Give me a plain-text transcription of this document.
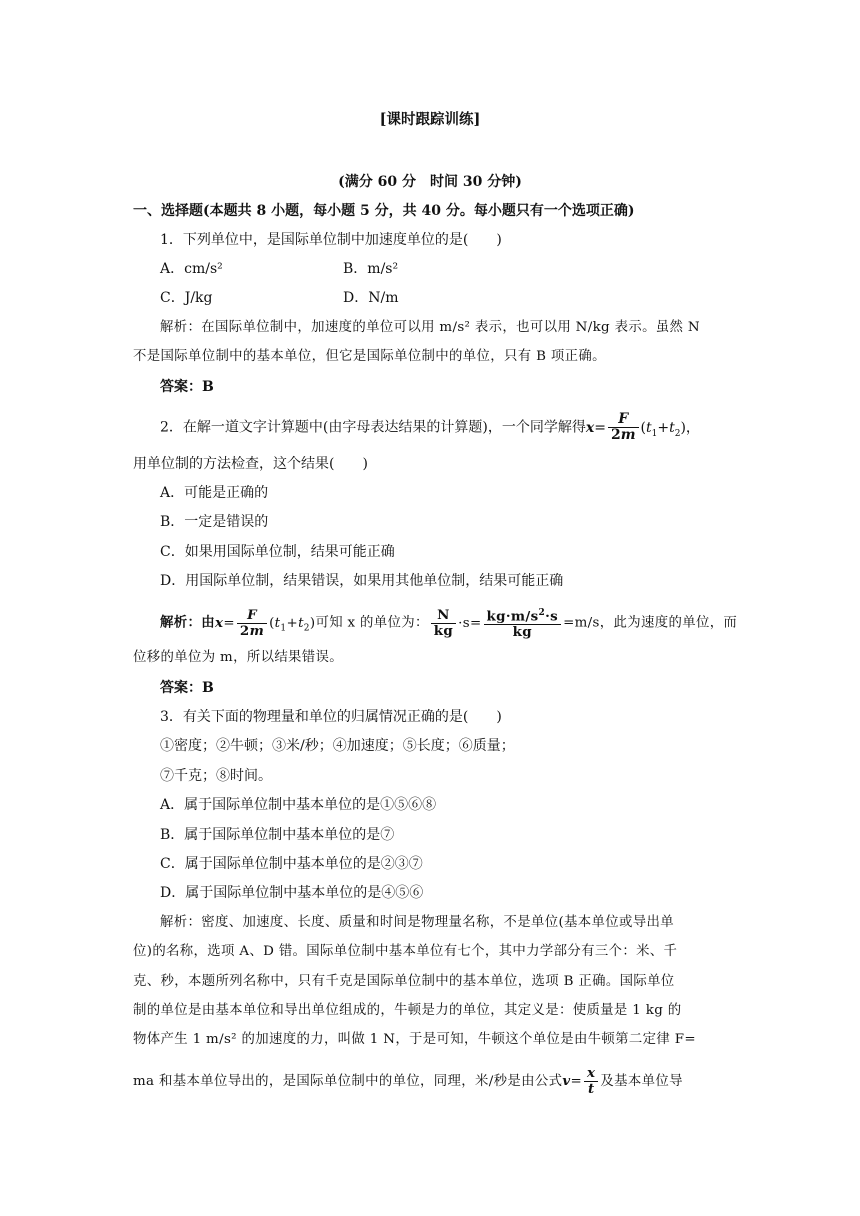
[课时跟踪训练]
(满分 60 分　时间 30 分钟)
一、选择题(本题共 8 小题，每小题 5 分，共 40 分。每小题只有一个选项正确)
1．下列单位中，是国际单位制中加速度单位的是(　　)
A．cm/s²	B．m/s²
C．J/kg	D．N/m
解析：在国际单位制中，加速度的单位可以用 m/s² 表示，也可以用 N/kg 表示。虽然 N
不是国际单位制中的基本单位，但它是国际单位制中的单位，只有 B 项正确。
答案：B
2．在解一道文字计算题中(由字母表达结果的计算题)，一个同学解得$x= \frac{F}{2m} (t_1+t_2)$，
用单位制的方法检查，这个结果(　　)
A．可能是正确的
B．一定是错误的
C．如果用国际单位制，结果可能正确
D．用国际单位制，结果错误，如果用其他单位制，结果可能正确
解析：由$x= \frac{F}{2m} (t_1+t_2)$可知 x 的单位为： $\frac{N}{kg} \cdot s= \frac{kg\cdot m/s^2\cdot s}{kg} =m/s$，此为速度的单位，而
位移的单位为 m，所以结果错误。
答案：B
3．有关下面的物理量和单位的归属情况正确的是(　　)
①密度；②牛顿；③米/秒；④加速度；⑤长度；⑥质量；
⑦千克；⑧时间。
A．属于国际单位制中基本单位的是①⑤⑥⑧
B．属于国际单位制中基本单位的是⑦
C．属于国际单位制中基本单位的是②③⑦
D．属于国际单位制中基本单位的是④⑤⑥
解析：密度、加速度、长度、质量和时间是物理量名称，不是单位(基本单位或导出单
位)的名称，选项 A、D 错。国际单位制中基本单位有七个，其中力学部分有三个：米、千
克、秒，本题所列名称中，只有千克是国际单位制中的基本单位，选项 B 正确。国际单位
制的单位是由基本单位和导出单位组成的，牛顿是力的单位，其定义是：使质量是 1 kg 的
物体产生 1 m/s² 的加速度的力，叫做 1 N，于是可知，牛顿这个单位是由牛顿第二定律 F=
ma 和基本单位导出的，是国际单位制中的单位，同理，米/秒是由公式$v= \frac{x}{t}$ 及基本单位导
